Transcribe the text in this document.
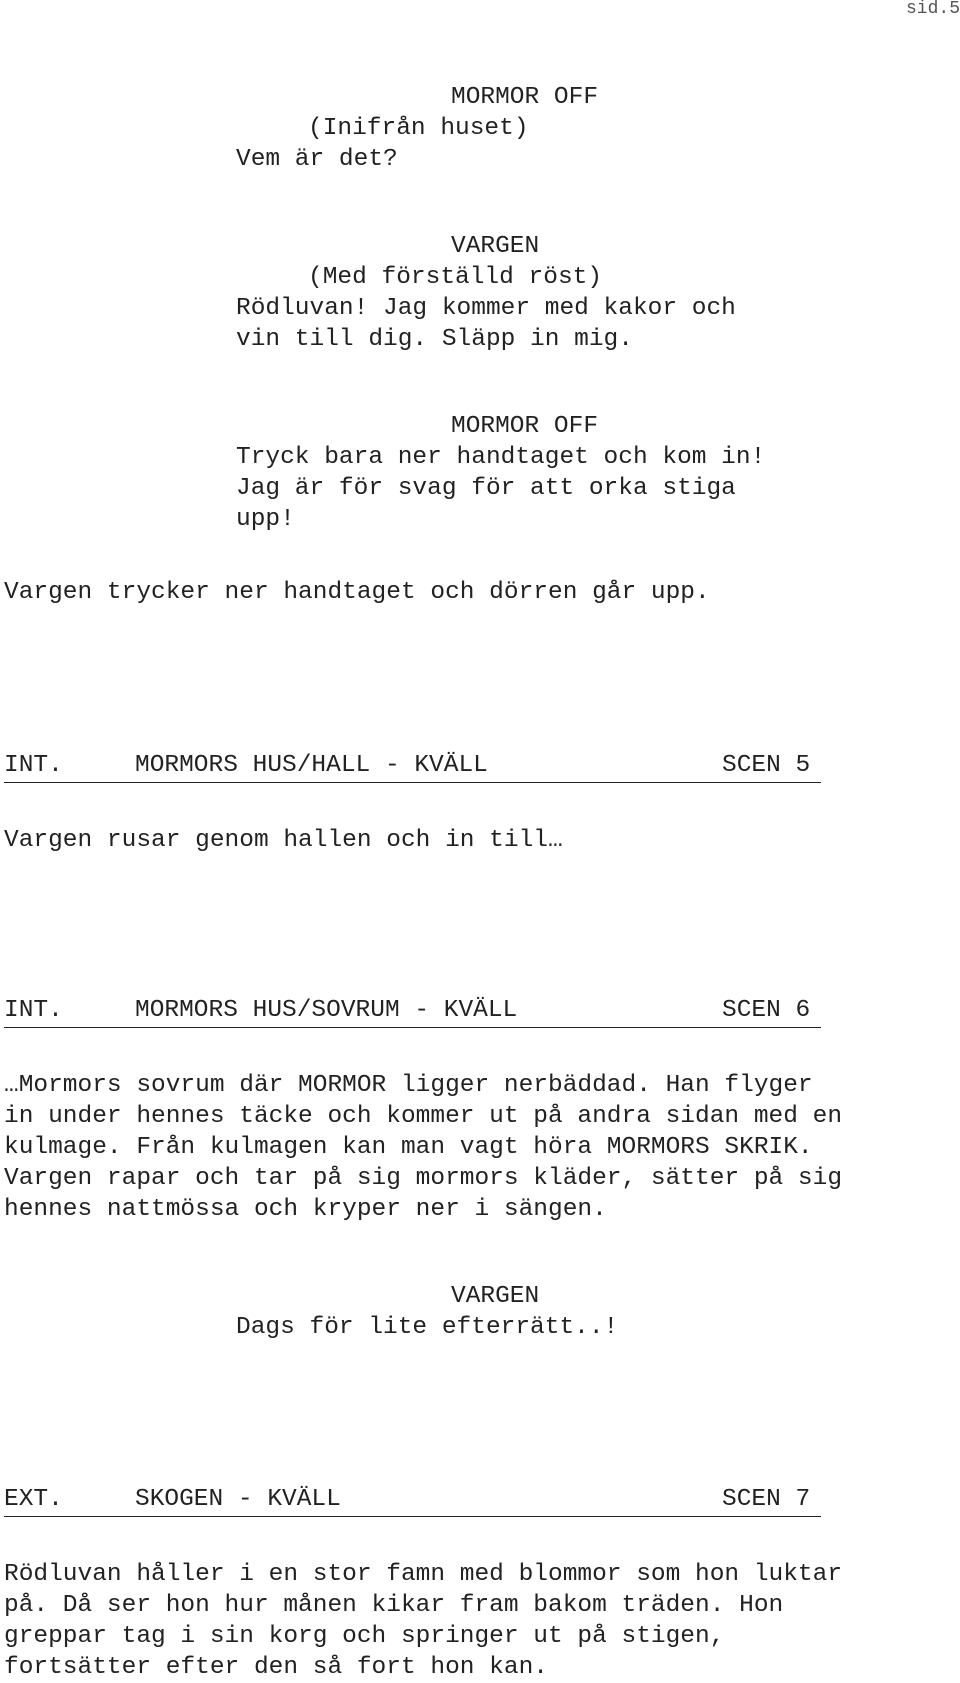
sid.5

MORMOR OFF

(Inifrån huset)

Vem är det?

VARGEN

(Med förställd röst)

Rödluvan! Jag kommer med kakor och

vin till dig. Släpp in mig.

MORMOR OFF

Tryck bara ner handtaget och kom in!

Jag är för svag för att orka stiga

upp!

Vargen trycker ner handtaget och dörren går upp.

INT.	MORMORS HUS/HALL - KVÄLL	SCEN 5

Vargen rusar genom hallen och in till…

INT.	MORMORS HUS/SOVRUM - KVÄLL	SCEN 6

…Mormors sovrum där MORMOR ligger nerbäddad. Han flyger

in under hennes täcke och kommer ut på andra sidan med en

kulmage. Från kulmagen kan man vagt höra MORMORS SKRIK.

Vargen rapar och tar på sig mormors kläder, sätter på sig

hennes nattmössa och kryper ner i sängen.

VARGEN

Dags för lite efterrätt..!

EXT.	SKOGEN - KVÄLL	SCEN 7

Rödluvan håller i en stor famn med blommor som hon luktar

på. Då ser hon hur månen kikar fram bakom träden. Hon

greppar tag i sin korg och springer ut på stigen,

fortsätter efter den så fort hon kan.
